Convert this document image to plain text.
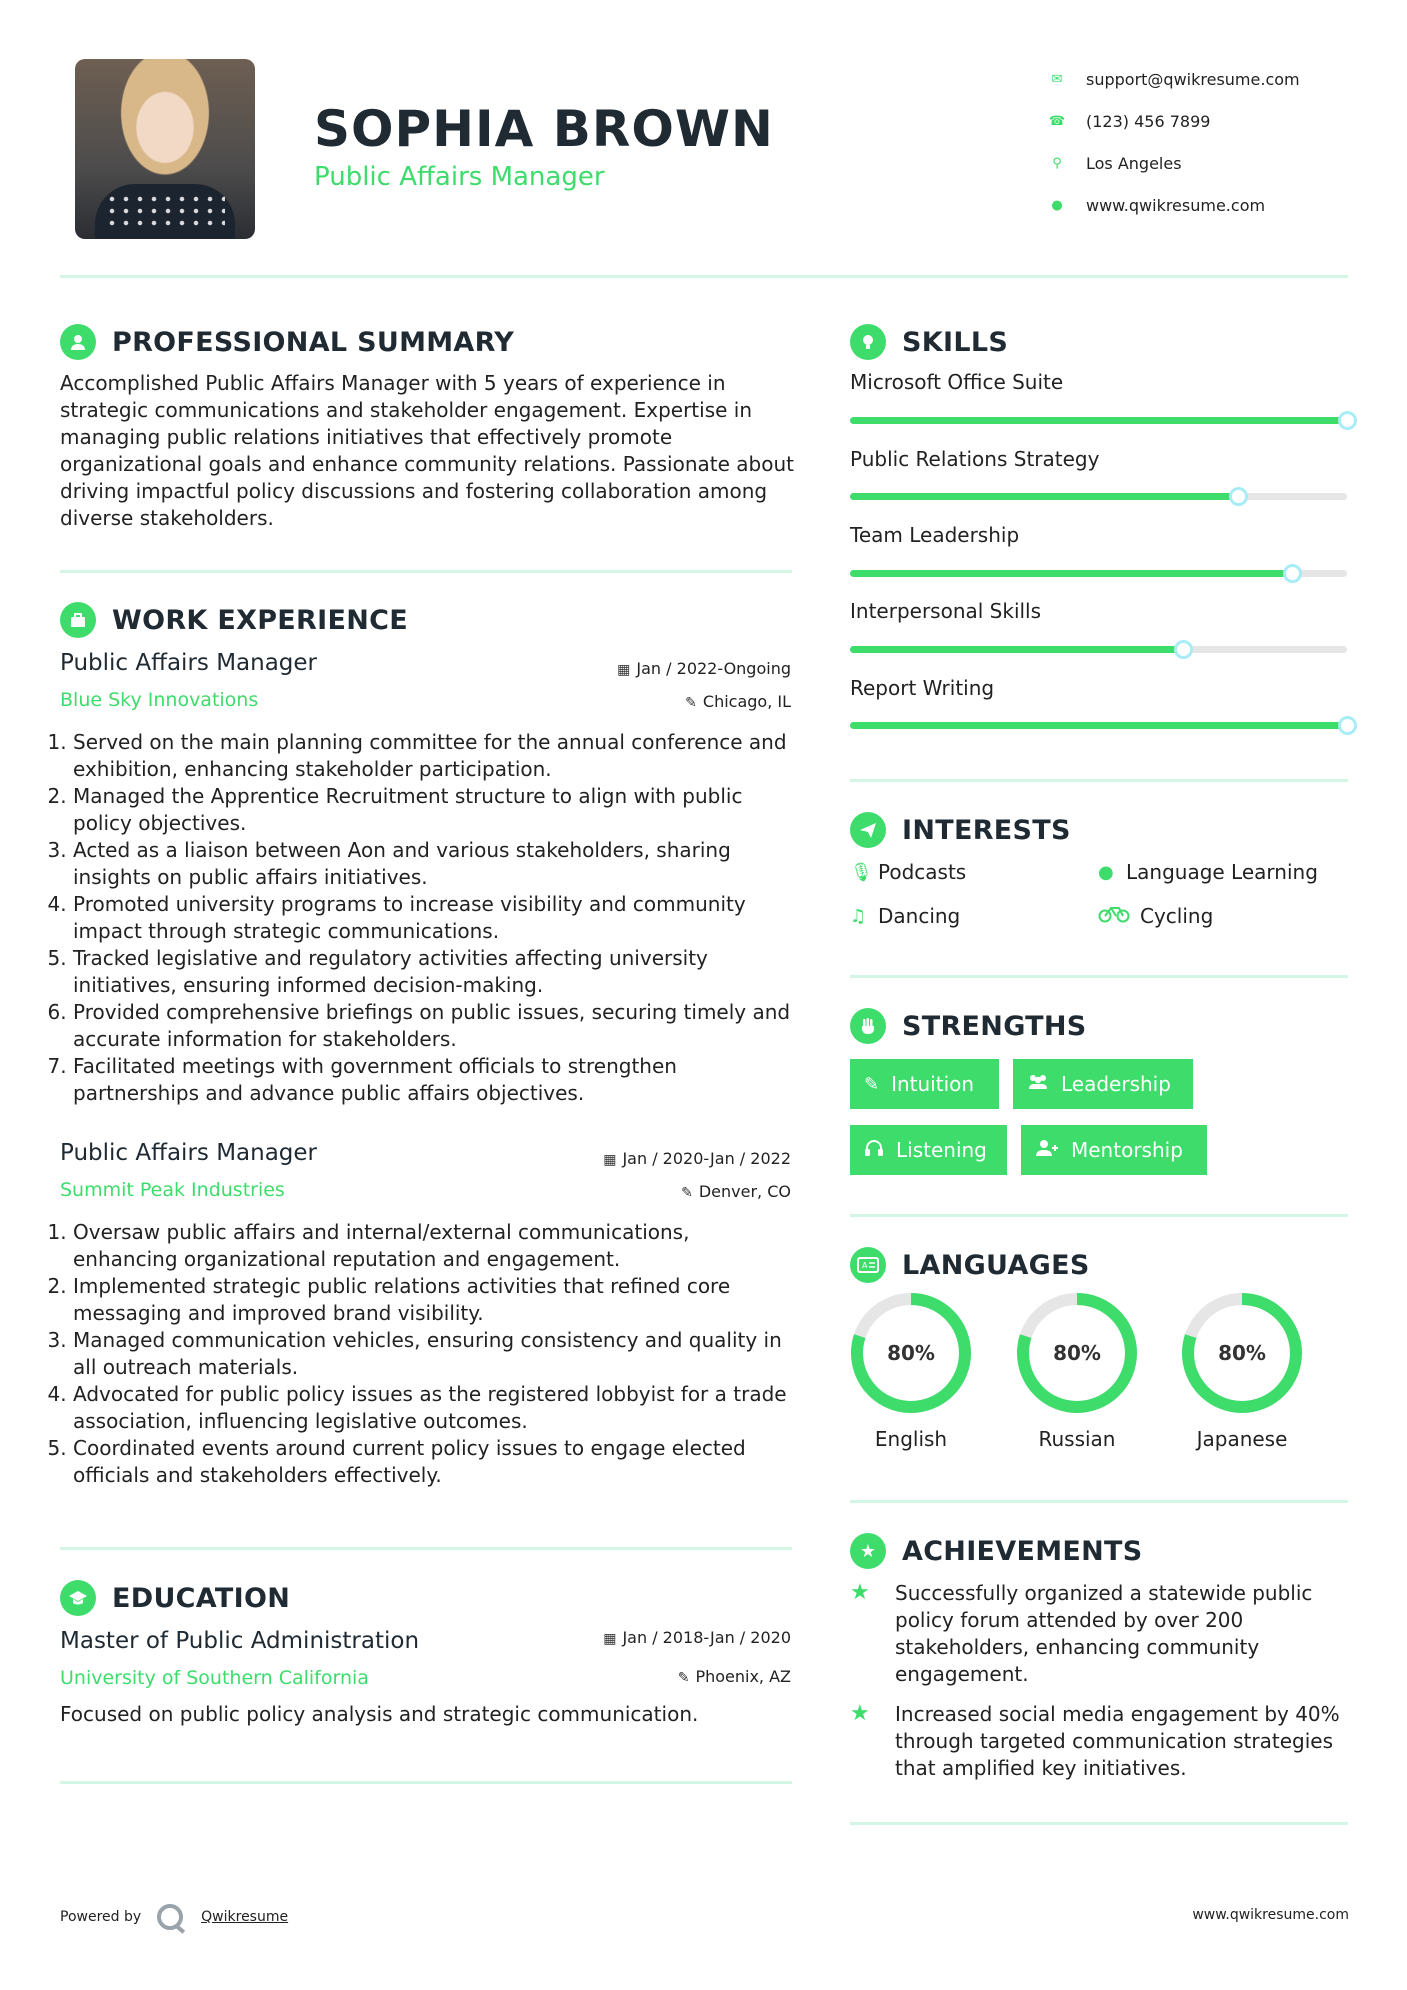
SOPHIA BROWN
Public Affairs Manager
✉ support@qwikresume.com
☎ (123) 456 7899
⚲ Los Angeles
● www.qwikresume.com
PROFESSIONAL SUMMARY
Accomplished Public Affairs Manager with 5 years of experience in strategic communications and stakeholder engagement. Expertise in managing public relations initiatives that effectively promote organizational goals and enhance community relations. Passionate about driving impactful policy discussions and fostering collaboration among diverse stakeholders.
WORK EXPERIENCE
Public Affairs Manager
Blue Sky Innovations
▦ Jan / 2022-Ongoing
✎ Chicago, IL
1. Served on the main planning committee for the annual conference and exhibition, enhancing stakeholder participation.
2. Managed the Apprentice Recruitment structure to align with public policy objectives.
3. Acted as a liaison between Aon and various stakeholders, sharing insights on public affairs initiatives.
4. Promoted university programs to increase visibility and community impact through strategic communications.
5. Tracked legislative and regulatory activities affecting university initiatives, ensuring informed decision-making.
6. Provided comprehensive briefings on public issues, securing timely and accurate information for stakeholders.
7. Facilitated meetings with government officials to strengthen partnerships and advance public affairs objectives.
Public Affairs Manager
Summit Peak Industries
▦ Jan / 2020-Jan / 2022
✎ Denver, CO
1. Oversaw public affairs and internal/external communications, enhancing organizational reputation and engagement.
2. Implemented strategic public relations activities that refined core messaging and improved brand visibility.
3. Managed communication vehicles, ensuring consistency and quality in all outreach materials.
4. Advocated for public policy issues as the registered lobbyist for a trade association, influencing legislative outcomes.
5. Coordinated events around current policy issues to engage elected officials and stakeholders effectively.
EDUCATION
Master of Public Administration
University of Southern California
▦ Jan / 2018-Jan / 2020
✎ Phoenix, AZ
Focused on public policy analysis and strategic communication.
SKILLS
Microsoft Office Suite
Public Relations Strategy
Team Leadership
Interpersonal Skills
Report Writing
INTERESTS
🎙︎ Podcasts	● Language Learning
♫ Dancing	Cycling
STRENGTHS
✎ Intuition	Leadership
Listening	Mentorship
A LANGUAGES
80%
English
80%
Russian
80%
Japanese
★ ACHIEVEMENTS
★	Successfully organized a statewide public policy forum attended by over 200 stakeholders, enhancing community engagement.
★	Increased social media engagement by 40% through targeted communication strategies that amplified key initiatives.
Powered by	Qwikresume	www.qwikresume.com
